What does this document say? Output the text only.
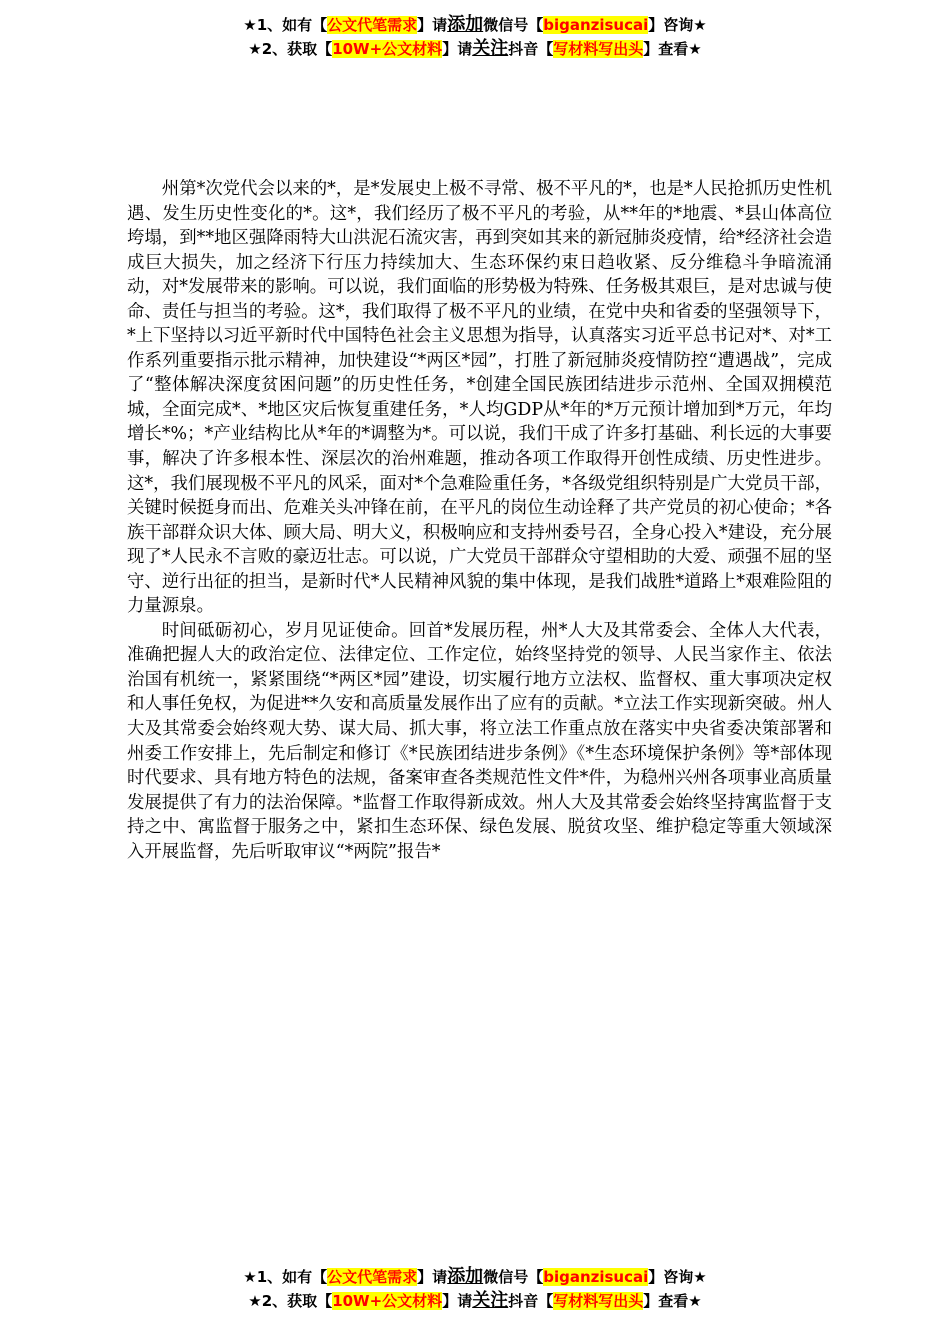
★1、如有【公文代笔需求】请添加微信号【biganzisucai】咨询★
★2、获取【10W+公文材料】请关注抖音【写材料写出头】查看★

州第*次党代会以来的*，是*发展史上极不寻常、极不平凡的*，也是*人民抢抓历史性机遇、发生历史性变化的*。这*，我们经历了极不平凡的考验，从**年的*地震、*县山体高位垮塌，到**地区强降雨特大山洪泥石流灾害，再到突如其来的新冠肺炎疫情，给*经济社会造成巨大损失，加之经济下行压力持续加大、生态环保约束日趋收紧、反分维稳斗争暗流涌动，对*发展带来的影响。可以说，我们面临的形势极为特殊、任务极其艰巨，是对忠诚与使命、责任与担当的考验。这*，我们取得了极不平凡的业绩，在党中央和省委的坚强领导下，*上下坚持以习近平新时代中国特色社会主义思想为指导，认真落实习近平总书记对*、对*工作系列重要指示批示精神，加快建设“*两区*园”，打胜了新冠肺炎疫情防控“遭遇战”，完成了“整体解决深度贫困问题”的历史性任务，*创建全国民族团结进步示范州、全国双拥模范城，全面完成*、*地区灾后恢复重建任务，*人均GDP从*年的*万元预计增加到*万元，年均增长*%；*产业结构比从*年的*调整为*。可以说，我们干成了许多打基础、利长远的大事要事，解决了许多根本性、深层次的治州难题，推动各项工作取得开创性成绩、历史性进步。这*，我们展现极不平凡的风采，面对*个急难险重任务，*各级党组织特别是广大党员干部，关键时候挺身而出、危难关头冲锋在前，在平凡的岗位生动诠释了共产党员的初心使命；*各族干部群众识大体、顾大局、明大义，积极响应和支持州委号召，全身心投入*建设，充分展现了*人民永不言败的豪迈壮志。可以说，广大党员干部群众守望相助的大爱、顽强不屈的坚守、逆行出征的担当，是新时代*人民精神风貌的集中体现，是我们战胜*道路上*艰难险阻的力量源泉。

时间砥砺初心，岁月见证使命。回首*发展历程，州*人大及其常委会、全体人大代表，准确把握人大的政治定位、法律定位、工作定位，始终坚持党的领导、人民当家作主、依法治国有机统一，紧紧围绕“*两区*园”建设，切实履行地方立法权、监督权、重大事项决定权和人事任免权，为促进**久安和高质量发展作出了应有的贡献。*立法工作实现新突破。州人大及其常委会始终观大势、谋大局、抓大事，将立法工作重点放在落实中央省委决策部署和州委工作安排上，先后制定和修订《*民族团结进步条例》《*生态环境保护条例》等*部体现时代要求、具有地方特色的法规，备案审查各类规范性文件*件，为稳州兴州各项事业高质量发展提供了有力的法治保障。*监督工作取得新成效。州人大及其常委会始终坚持寓监督于支持之中、寓监督于服务之中，紧扣生态环保、绿色发展、脱贫攻坚、维护稳定等重大领域深入开展监督，先后听取审议“*两院”报告*

★1、如有【公文代笔需求】请添加微信号【biganzisucai】咨询★
★2、获取【10W+公文材料】请关注抖音【写材料写出头】查看★
